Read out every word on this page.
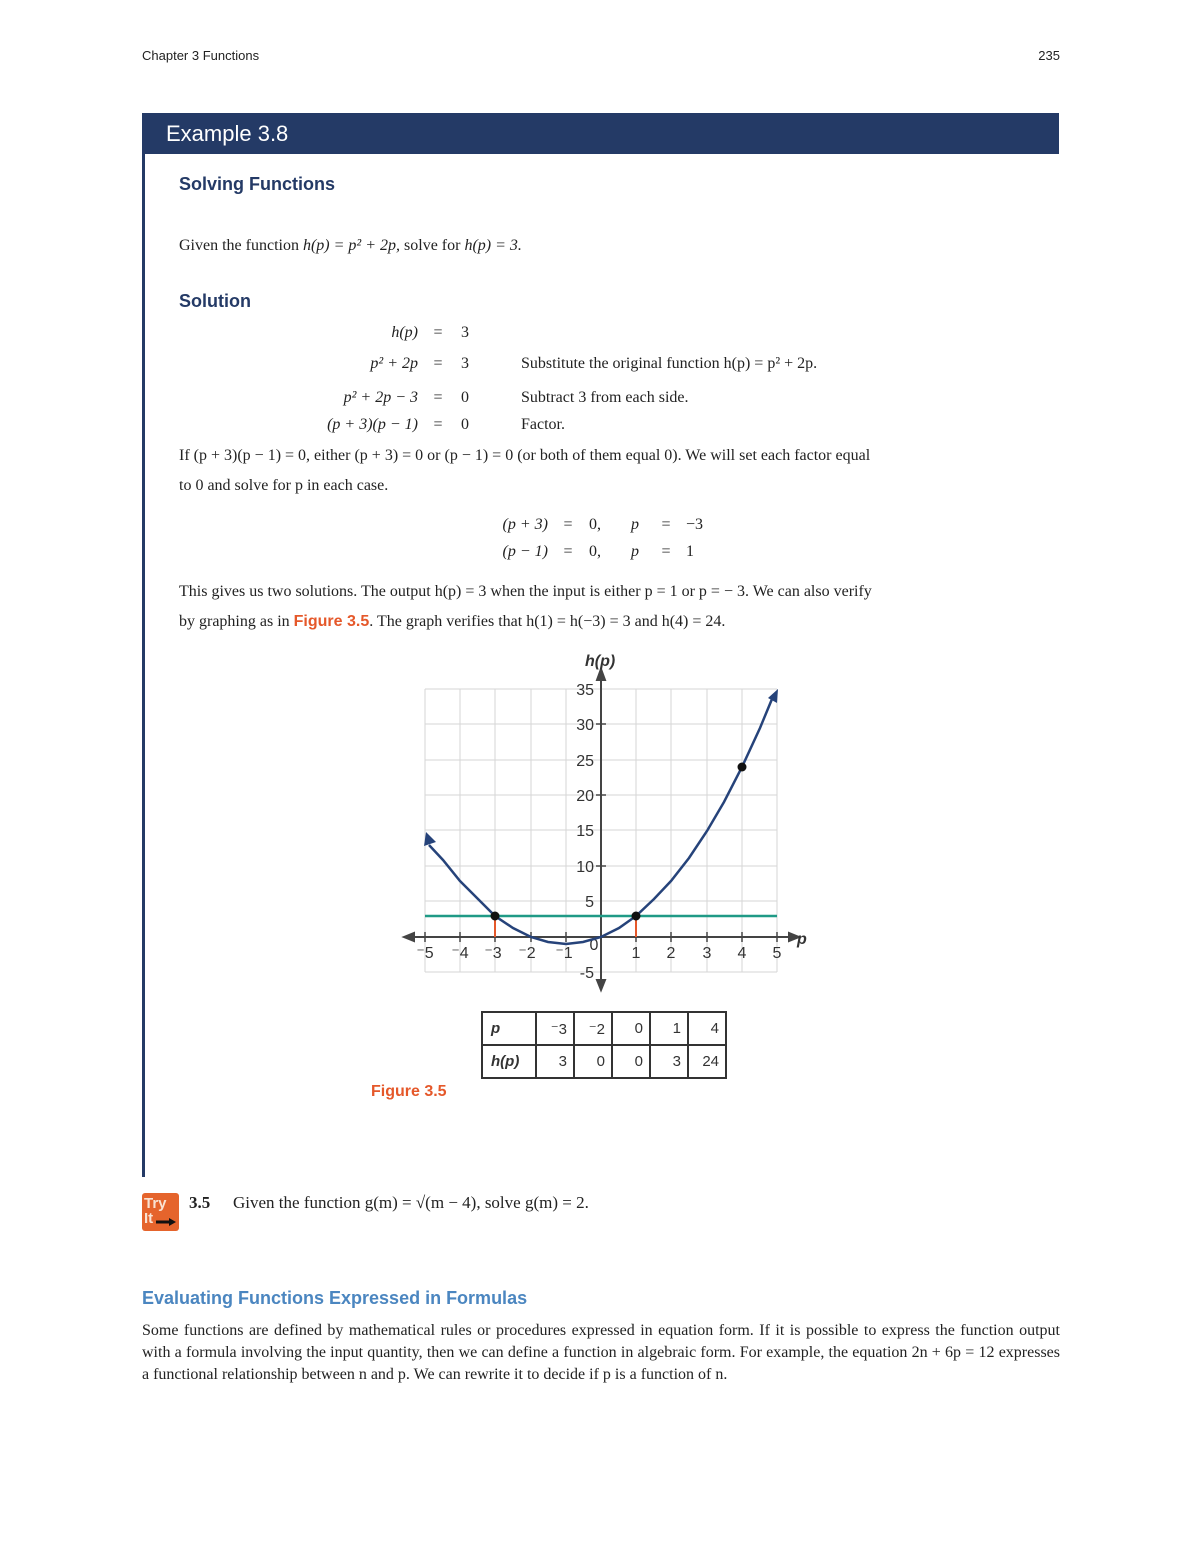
Chapter 3 Functions	235
Example 3.8
Solving Functions
Given the function h(p) = p² + 2p, solve for h(p) = 3.
Solution
h(p) =	3
p² + 2p =	3	Substitute the original function h(p) = p² + 2p.
p² + 2p − 3 =	0	Subtract 3 from each side.
(p + 3)(p − 1) =	0	Factor.
If (p + 3)(p − 1) = 0, either (p + 3) = 0 or (p − 1) = 0 (or both of them equal 0). We will set each factor equal
to 0 and solve for p in each case.
(p + 3) =	0, p	= −3
(p − 1) =	0, p	= 1
This gives us two solutions. The output h(p) = 3 when the input is either p = 1 or p = − 3. We can also verify
by graphing as in Figure 3.5. The graph verifies that h(1) = h(−3) = 3 and h(4) = 24.
h(p)
p
⁻5 ⁻4 ⁻3 ⁻2 ⁻1 0 1 2 3 4 5
-5
5
10
15
20
25
30
35
p	⁻3	⁻2	0	1	4
h(p)	3	0	0	3	24
Figure 3.5
Try It
3.5 Given the function g(m) = √(m − 4), solve g(m) = 2.
Evaluating Functions Expressed in Formulas
Some functions are defined by mathematical rules or procedures expressed in equation form. If it is possible to express the function output with a formula involving the input quantity, then we can define a function in algebraic form. For example, the equation 2n + 6p = 12 expresses a functional relationship between n and p. We can rewrite it to decide if p is a function of n.
